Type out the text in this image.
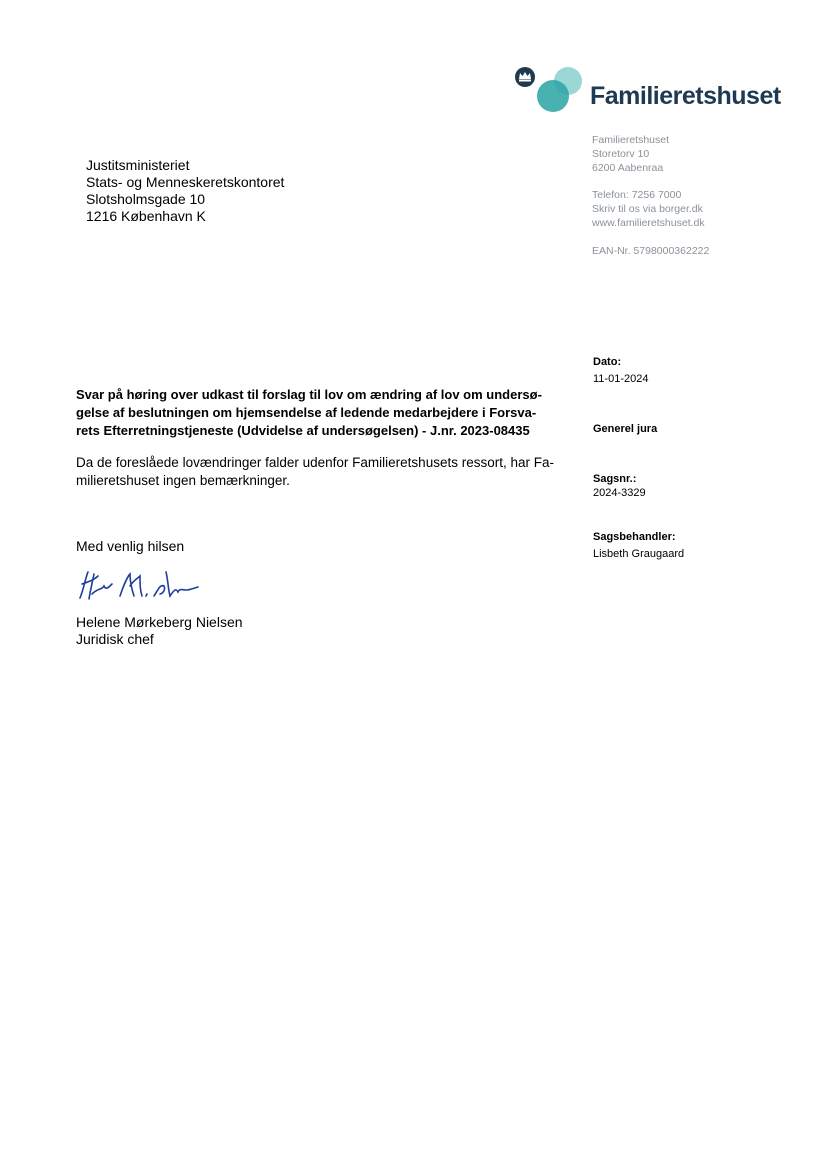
Familieretshuset
Familieretshuset
Storetorv 10
6200 Aabenraa
Telefon: 7256 7000
Skriv til os via borger.dk
www.familieretshuset.dk
EAN-Nr. 5798000362222
Justitsministeriet
Stats- og Menneskeretskontoret
Slotsholmsgade 10
1216 København K
Dato:
11-01-2024
Generel jura
Sagsnr.:
2024-3329
Sagsbehandler:
Lisbeth Graugaard
Svar på høring over udkast til forslag til lov om ændring af lov om undersø-
gelse af beslutningen om hjemsendelse af ledende medarbejdere i Forsva-
rets Efterretningstjeneste (Udvidelse af undersøgelsen) - J.nr. 2023-08435
Da de foreslåede lovændringer falder udenfor Familieretshusets ressort, har Fa-
milieretshuset ingen bemærkninger.
Med venlig hilsen
Helene Mørkeberg Nielsen
Juridisk chef
